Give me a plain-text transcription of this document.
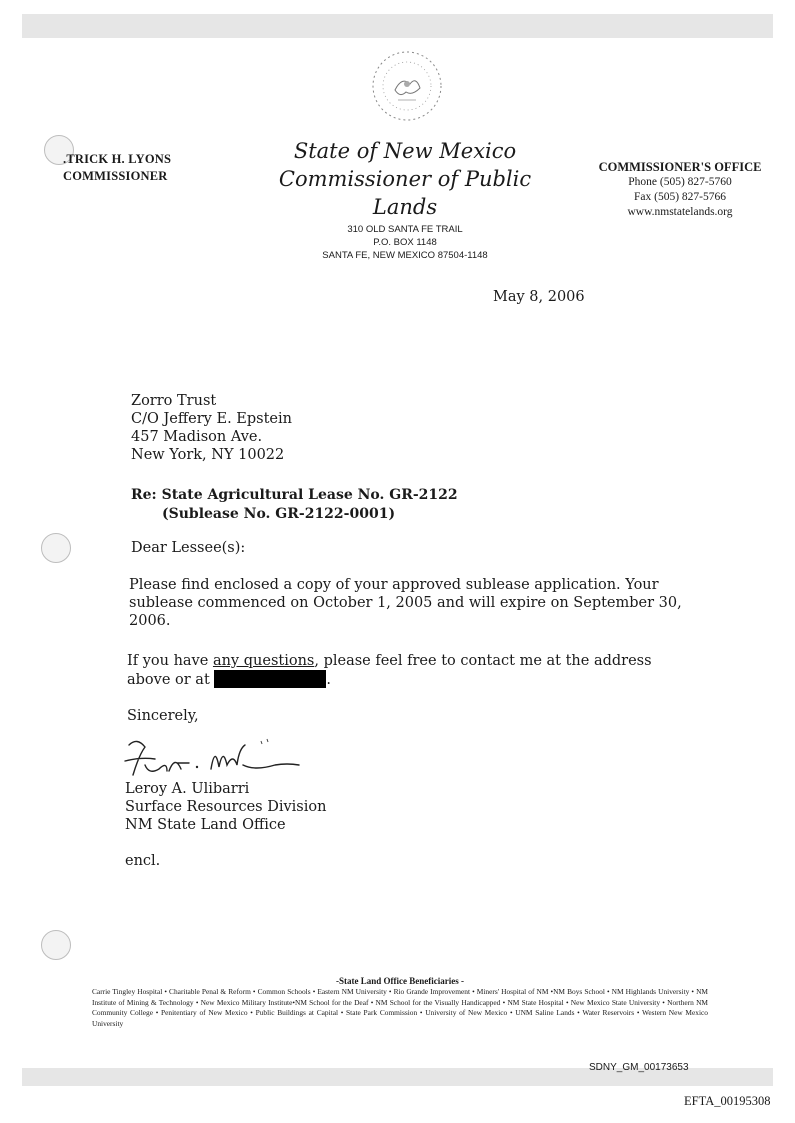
.TRICK H. LYONS
COMMISSIONER
State of New Mexico
Commissioner of Public Lands
310 OLD SANTA FE TRAIL
P.O. BOX 1148
SANTA FE, NEW MEXICO 87504-1148
COMMISSIONER'S OFFICE
Phone (505) 827-5760
Fax (505) 827-5766
www.nmstatelands.org
May 8, 2006
Zorro Trust
C/O Jeffery E. Epstein
457 Madison Ave.
New York, NY 10022
Re: State Agricultural Lease No. GR-2122
(Sublease No. GR-2122-0001)
Dear Lessee(s):
Please find enclosed a copy of your approved sublease application. Your sublease commenced on October 1, 2005 and will expire on September 30, 2006.
If you have any questions, please feel free to contact me at the address above or at	.
Sincerely,
Leroy A. Ulibarri
Surface Resources Division
NM State Land Office
encl.
-State Land Office Beneficiaries -
Carrie Tingley Hospital • Charitable Penal & Reform • Common Schools • Eastern NM University • Rio Grande Improvement • Miners' Hospital of NM •NM Boys School • NM Highlands University • NM Institute of Mining & Technology • New Mexico Military Institute•NM School for the Deaf • NM School for the Visually Handicapped • NM State Hospital • New Mexico State University • Northern NM Community College • Penitentiary of New Mexico • Public Buildings at Capital • State Park Commission • University of New Mexico • UNM Saline Lands • Water Reservoirs • Western New Mexico University
SDNY_GM_00173653
EFTA_00195308
